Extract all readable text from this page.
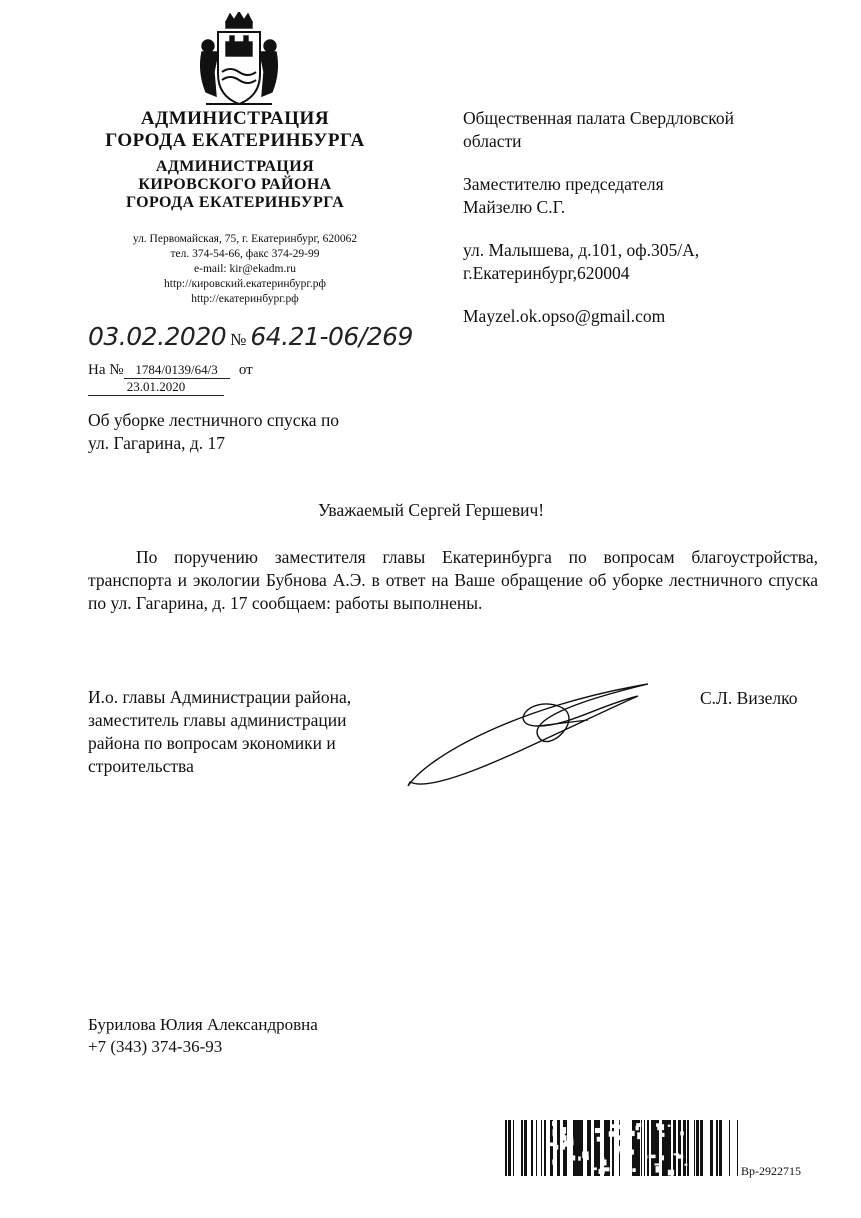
АДМИНИСТРАЦИЯ
ГОРОДА ЕКАТЕРИНБУРГА
АДМИНИСТРАЦИЯ
КИРОВСКОГО РАЙОНА
ГОРОДА ЕКАТЕРИНБУРГА
ул. Первомайская, 75, г. Екатеринбург, 620062
тел. 374-54-66, факс 374-29-99
e-mail: kir@ekadm.ru
http://кировский.екатеринбург.рф
http://екатеринбург.рф
Общественная палата Свердловской
области
Заместителю председателя
Майзелю С.Г.
ул. Малышева, д.101, оф.305/А,
г.Екатеринбург,620004
Mayzel.ok.opso@gmail.com
03.02.2020 № 64.21-06/269
На № 1784/0139/64/3 от23.01.2020
Об уборке лестничного спуска по
ул. Гагарина, д. 17
Уважаемый Сергей Гершевич!
По поручению заместителя главы Екатеринбурга по вопросам благоустройства, транспорта и экологии Бубнова А.Э. в ответ на Ваше обращение об уборке лестничного спуска по ул. Гагарина, д. 17 сообщаем: работы выполнены.
И.о. главы Администрации района,
заместитель главы администрации
района по вопросам экономики и
строительства
С.Л. Визелко
Бурилова Юлия Александровна
+7 (343) 374-36-93
Вр-2922715
